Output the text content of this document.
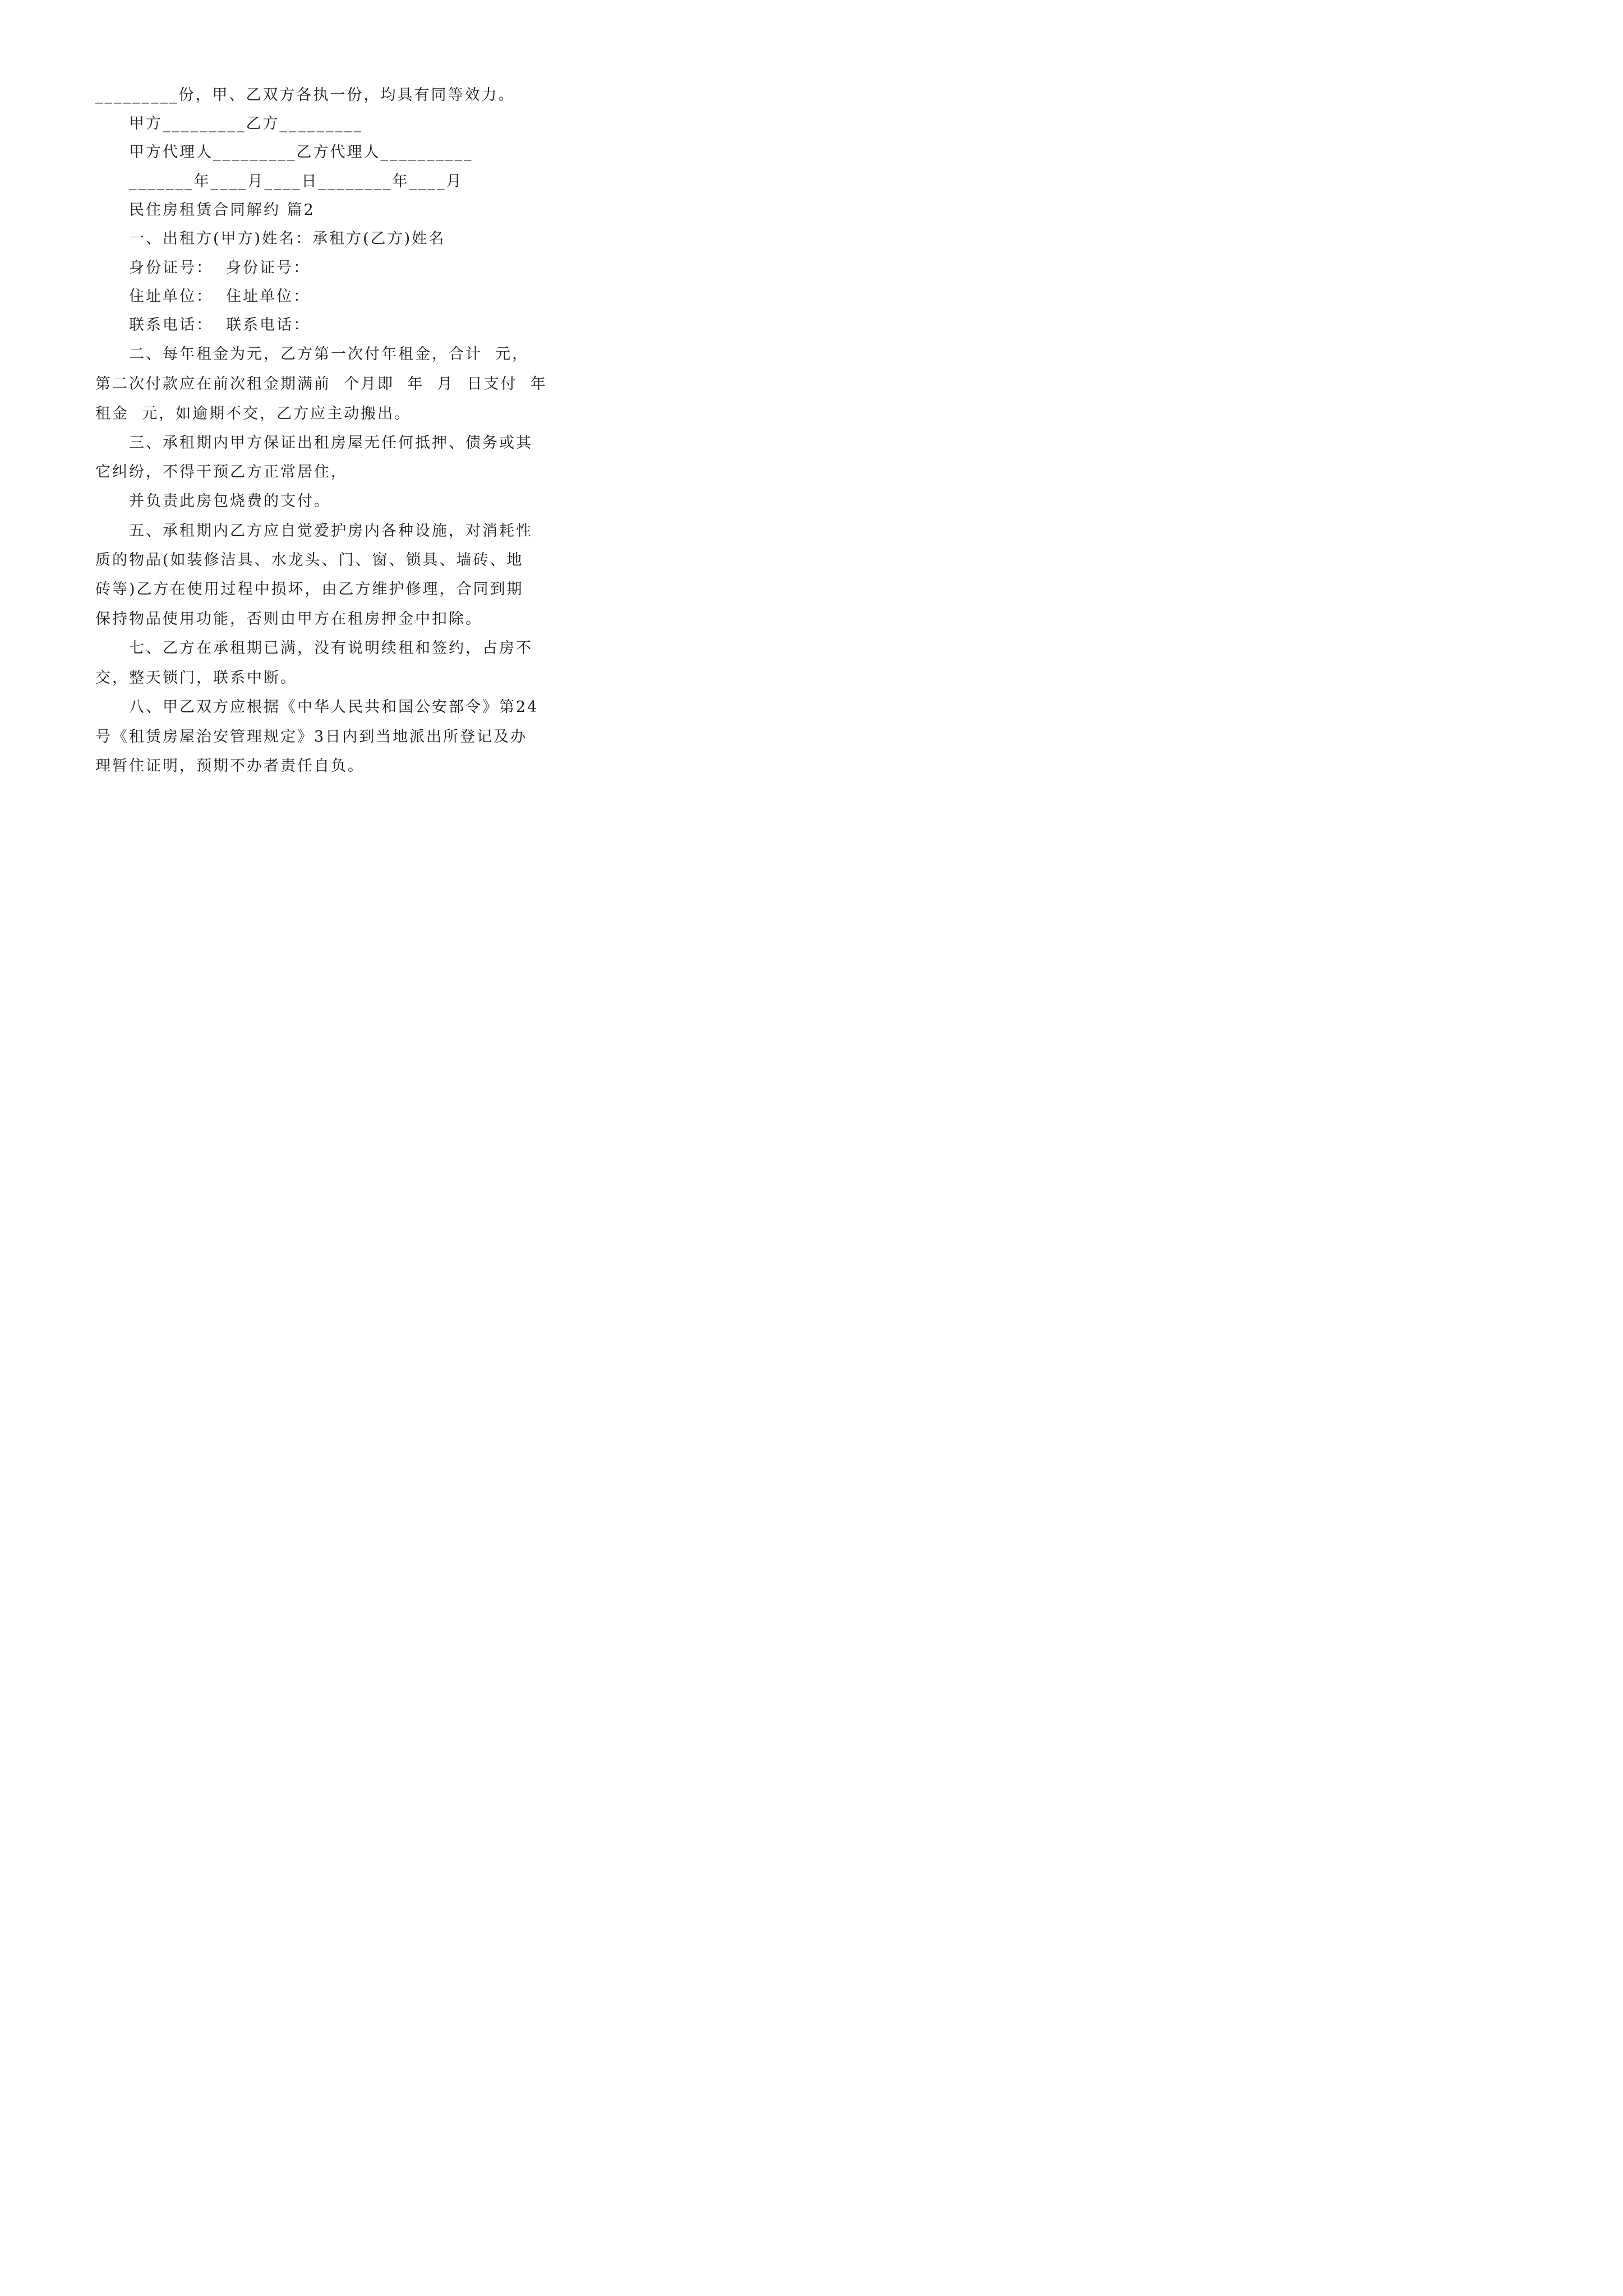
_________份，甲、乙双方各执一份，均具有同等效力。
甲方_________乙方_________
甲方代理人_________乙方代理人__________
_______年____月____日________年____月
民住房租赁合同解约 篇2
一、出租方(甲方)姓名：承租方(乙方)姓名
身份证号：  身份证号：
住址单位：  住址单位：
联系电话：  联系电话：
二、每年租金为元，乙方第一次付年租金，合计  元，
第二次付款应在前次租金期满前  个月即  年  月  日支付  年
租金  元，如逾期不交，乙方应主动搬出。
三、承租期内甲方保证出租房屋无任何抵押、债务或其
它纠纷，不得干预乙方正常居住，
并负责此房包烧费的支付。
五、承租期内乙方应自觉爱护房内各种设施，对消耗性
质的物品(如装修洁具、水龙头、门、窗、锁具、墙砖、地
砖等)乙方在使用过程中损坏，由乙方维护修理，合同到期
保持物品使用功能，否则由甲方在租房押金中扣除。
七、乙方在承租期已满，没有说明续租和签约，占房不
交，整天锁门，联系中断。
八、甲乙双方应根据《中华人民共和国公安部令》第24
号《租赁房屋治安管理规定》3日内到当地派出所登记及办
理暂住证明，预期不办者责任自负。
